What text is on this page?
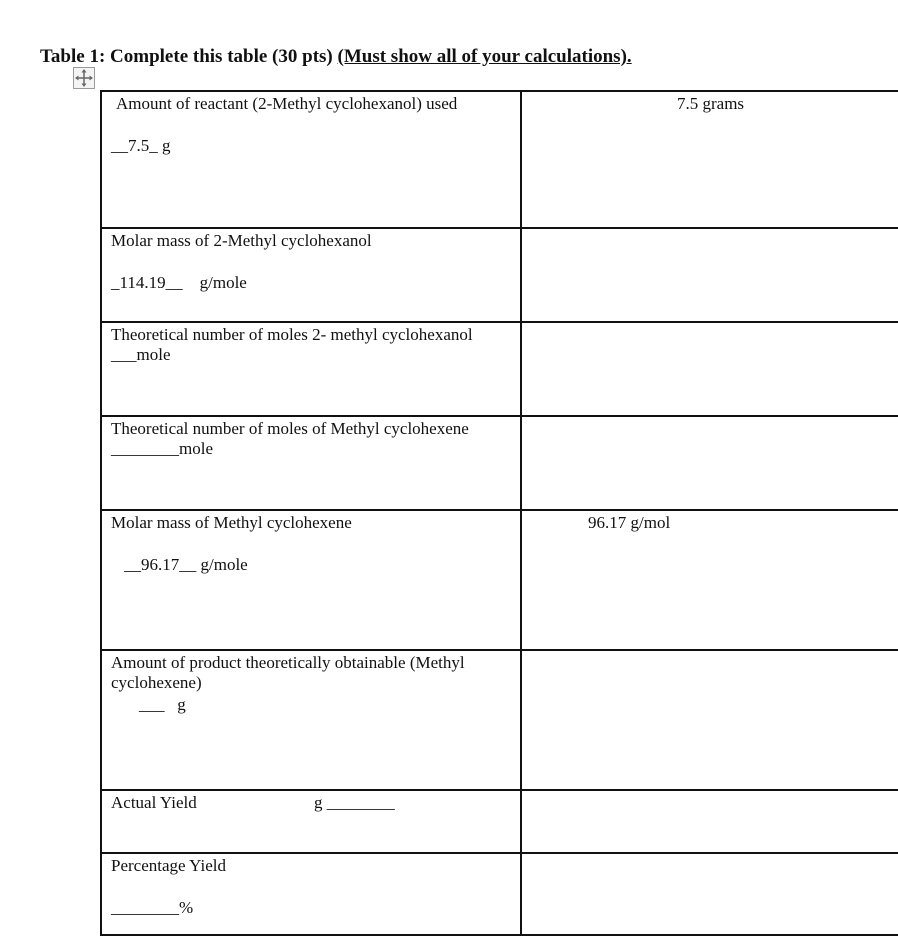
Table 1: Complete this table (30 pts) (Must show all of your calculations).
Amount of reactant (2-Methyl cyclohexanol) used
__7.5_ g	7.5 grams

Molar mass of 2-Methyl cyclohexanol
_114.19__    g/mole	

Theoretical number of moles 2- methyl cyclohexanol
___mole	

Theoretical number of moles of Methyl cyclohexene
________mole	

Molar mass of Methyl cyclohexene
__96.17__ g/mole	96.17 g/mol

Amount of product theoretically obtainable (Methyl
cyclohexene)
___   g	

Actual Yield g ________	

Percentage Yield
________%	
